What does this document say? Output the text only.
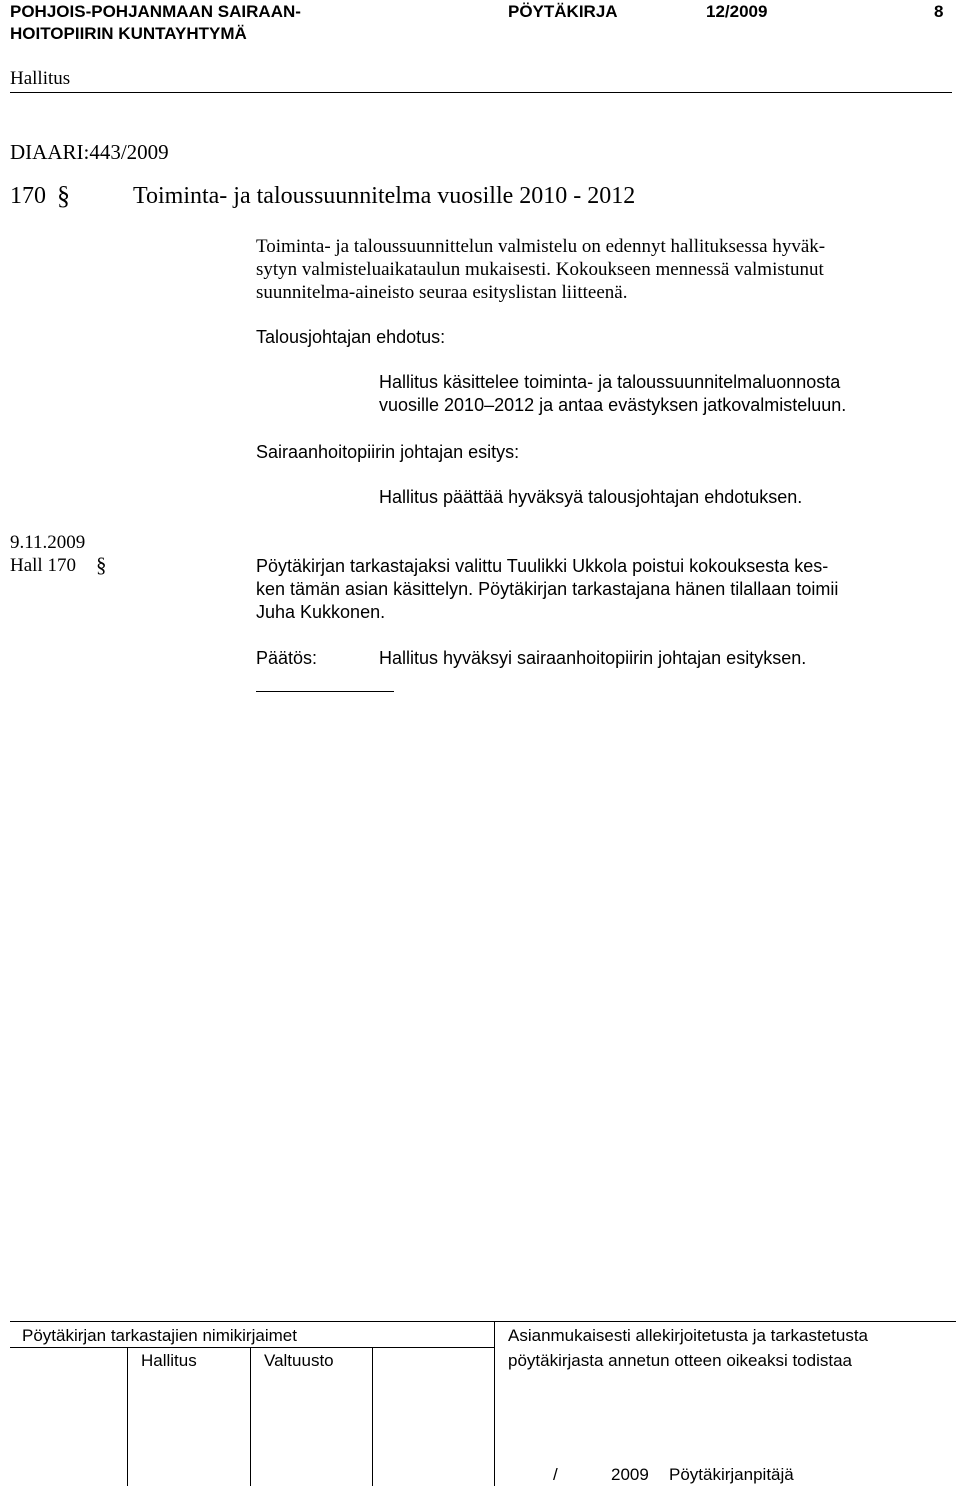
POHJOIS-POHJANMAAN SAIRAAN-
HOITOPIIRIN KUNTAYHTYMÄ
PÖYTÄKIRJA	12/2009	8
Hallitus
DIAARI:443/2009
170 §	Toiminta- ja taloussuunnitelma vuosille 2010 - 2012
Toiminta- ja taloussuunnittelun valmistelu on edennyt hallituksessa hyväk-
sytyn valmisteluaikataulun mukaisesti. Kokoukseen mennessä valmistunut
suunnitelma-aineisto seuraa esityslistan liitteenä.
Talousjohtajan ehdotus:
Hallitus käsittelee toiminta- ja taloussuunnitelmaluonnosta
vuosille 2010–2012 ja antaa evästyksen jatkovalmisteluun.
Sairaanhoitopiirin johtajan esitys:
Hallitus päättää hyväksyä talousjohtajan ehdotuksen.
9.11.2009
Hall 170 §	Pöytäkirjan tarkastajaksi valittu Tuulikki Ukkola poistui kokouksesta kes-
ken tämän asian käsittelyn. Pöytäkirjan tarkastajana hänen tilallaan toimii
Juha Kukkonen.
Päätös:	Hallitus hyväksyi sairaanhoitopiirin johtajan esityksen.
Pöytäkirjan tarkastajien nimikirjaimet
Hallitus	Valtuusto
Asianmukaisesti allekirjoitetusta ja tarkastetusta
pöytäkirjasta annetun otteen oikeaksi todistaa
/	2009 Pöytäkirjanpitäjä
